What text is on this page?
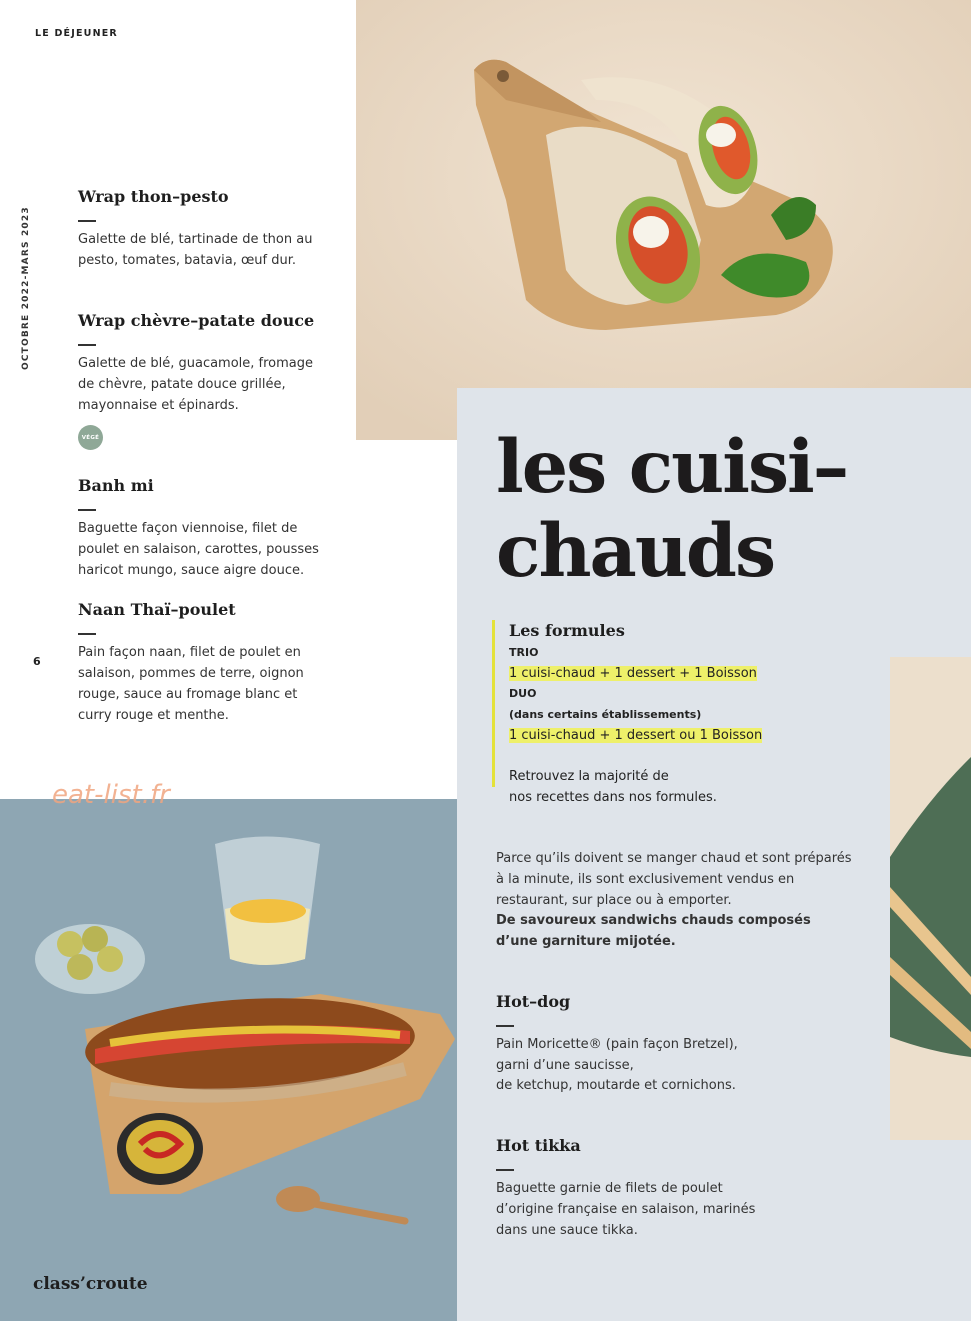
LE DÉJEUNER
OCTOBRE 2022-MARS 2023
6
Wrap thon–pesto
Galette de blé, tartinade de thon au pesto, tomates, batavia, œuf dur.
Wrap chèvre–patate douce
Galette de blé, guacamole, fromage de chèvre, patate douce grillée, mayonnaise et épinards.
VÉGÉ
Banh mi
Baguette façon viennoise, filet de poulet en salaison, carottes, pousses haricot mungo, sauce aigre douce.
Naan Thaï–poulet
Pain façon naan, filet de poulet en salaison, pommes de terre, oignon rouge, sauce au fromage blanc et curry rouge et menthe.
les cuisi–
chauds
Les formules
TRIO
1 cuisi-chaud + 1 dessert + 1 Boisson
DUO
(dans certains établissements)
1 cuisi-chaud + 1 dessert ou 1 Boisson
Retrouvez la majorité de
nos recettes dans nos formules.
Parce qu’ils doivent se manger chaud et sont préparés à la minute, ils sont exclusivement vendus en restaurant, sur place ou à emporter.
De savoureux sandwichs chauds composés d’une garniture mijotée.
Hot–dog
Pain Moricette® (pain façon Bretzel),
garni d’une saucisse,
de ketchup, moutarde et cornichons.
Hot tikka
Baguette garnie de filets de poulet d’origine française en salaison, marinés dans une sauce tikka.
eat-list.fr
class’croute
